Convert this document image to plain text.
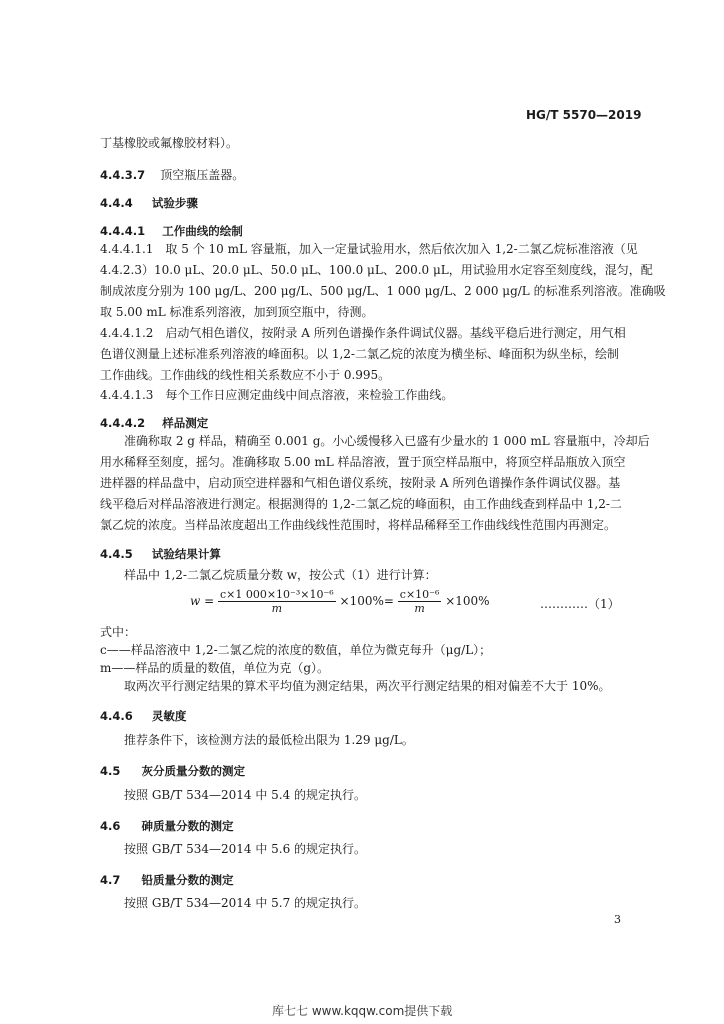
HG/T 5570—2019
丁基橡胶或氟橡胶材料）。
4.4.3.7 顶空瓶压盖器。
4.4.4 试验步骤
4.4.4.1 工作曲线的绘制
4.4.4.1.1　取 5 个 10 mL 容量瓶，加入一定量试验用水，然后依次加入 1,2-二氯乙烷标准溶液（见
4.4.2.3）10.0 μL、20.0 μL、50.0 μL、100.0 μL、200.0 μL，用试验用水定容至刻度线，混匀，配
制成浓度分别为 100 μg/L、200 μg/L、500 μg/L、1 000 μg/L、2 000 μg/L 的标准系列溶液。准确吸
取 5.00 mL 标准系列溶液，加到顶空瓶中，待测。
4.4.4.1.2　启动气相色谱仪，按附录 A 所列色谱操作条件调试仪器。基线平稳后进行测定，用气相
色谱仪测量上述标准系列溶液的峰面积。以 1,2-二氯乙烷的浓度为横坐标、峰面积为纵坐标，绘制
工作曲线。工作曲线的线性相关系数应不小于 0.995。
4.4.4.1.3　每个工作日应测定曲线中间点溶液，来检验工作曲线。
4.4.4.2 样品测定
准确称取 2 g 样品，精确至 0.001 g。小心缓慢移入已盛有少量水的 1 000 mL 容量瓶中，冷却后
用水稀释至刻度，摇匀。准确移取 5.00 mL 样品溶液，置于顶空样品瓶中，将顶空样品瓶放入顶空
进样器的样品盘中，启动顶空进样器和气相色谱仪系统，按附录 A 所列色谱操作条件调试仪器。基
线平稳后对样品溶液进行测定。根据测得的 1,2-二氯乙烷的峰面积，由工作曲线查到样品中 1,2-二
氯乙烷的浓度。当样品浓度超出工作曲线线性范围时，将样品稀释至工作曲线线性范围内再测定。
4.4.5 试验结果计算
样品中 1,2-二氯乙烷质量分数 w，按公式（1）进行计算：
$w = \frac{\text{c×1 000×10⁻³×10⁻⁶}}{m} \times 100\%= \frac{\text{c×10⁻⁶}}{m} \times 100\%$	…………（1）
式中：
c——样品溶液中 1,2-二氯乙烷的浓度的数值，单位为微克每升（μg/L）；
m——样品的质量的数值，单位为克（g）。
取两次平行测定结果的算术平均值为测定结果，两次平行测定结果的相对偏差不大于 10%。
4.4.6 灵敏度
推荐条件下，该检测方法的最低检出限为 1.29 μg/L。
4.5 灰分质量分数的测定
按照 GB/T 534—2014 中 5.4 的规定执行。
4.6 砷质量分数的测定
按照 GB/T 534—2014 中 5.6 的规定执行。
4.7 铅质量分数的测定
按照 GB/T 534—2014 中 5.7 的规定执行。
3
库七七 www.kqqw.com提供下载
